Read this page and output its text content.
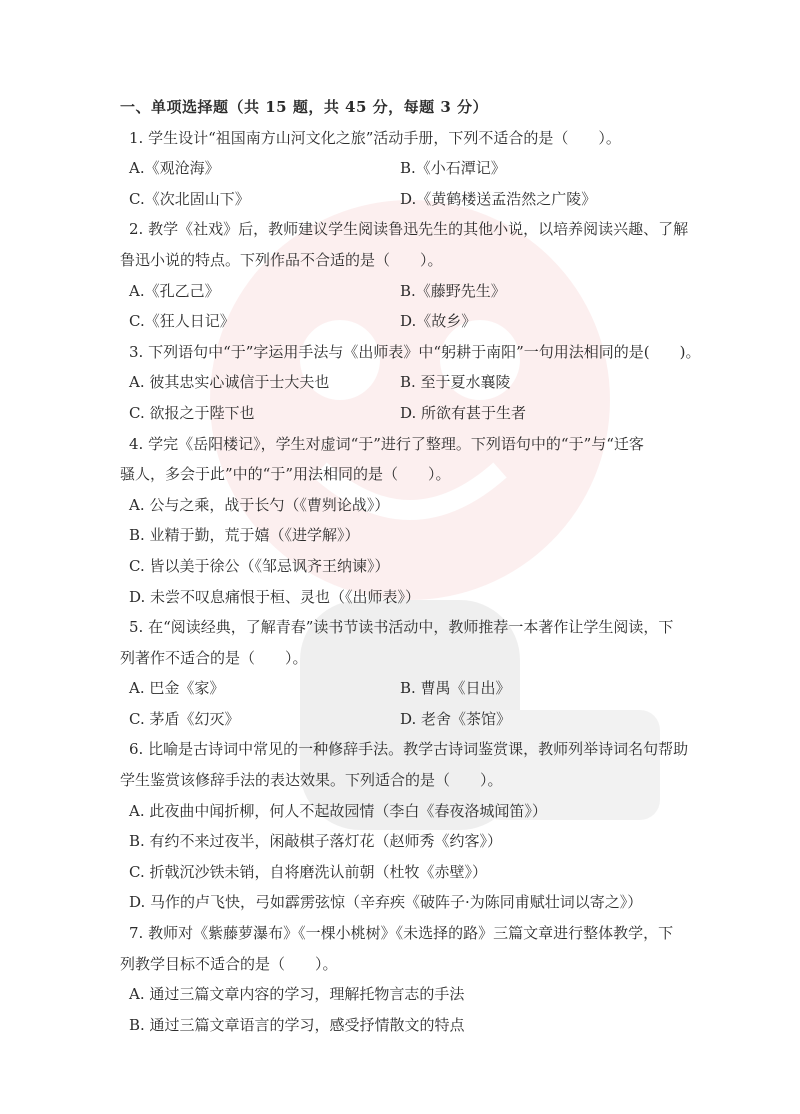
一、单项选择题（共 15 题，共 45 分，每题 3 分）
1. 学生设计“祖国南方山河文化之旅”活动手册，下列不适合的是（　　）。
A.《观沧海》	B.《小石潭记》
C.《次北固山下》	D.《黄鹤楼送孟浩然之广陵》
2. 教学《社戏》后，教师建议学生阅读鲁迅先生的其他小说，以培养阅读兴趣、了解
鲁迅小说的特点。下列作品不合适的是（　　）。
A.《孔乙己》	B.《藤野先生》
C.《狂人日记》	D.《故乡》
3. 下列语句中“于”字运用手法与《出师表》中“躬耕于南阳”一句用法相同的是(　　)。
A. 彼其忠实心诚信于士大夫也	B. 至于夏水襄陵
C. 欲报之于陛下也	D. 所欲有甚于生者
4. 学完《岳阳楼记》，学生对虚词“于”进行了整理。下列语句中的“于”与“迁客
骚人，多会于此”中的“于”用法相同的是（　　）。
A. 公与之乘，战于长勺（《曹刿论战》）
B. 业精于勤，荒于嬉（《进学解》）
C. 皆以美于徐公（《邹忌讽齐王纳谏》）
D. 未尝不叹息痛恨于桓、灵也（《出师表》）
5. 在“阅读经典，了解青春”读书节读书活动中，教师推荐一本著作让学生阅读，下
列著作不适合的是（　　）。
A. 巴金《家》	B. 曹禺《日出》
C. 茅盾《幻灭》	D. 老舍《茶馆》
6. 比喻是古诗词中常见的一种修辞手法。教学古诗词鉴赏课，教师列举诗词名句帮助
学生鉴赏该修辞手法的表达效果。下列适合的是（　　）。
A. 此夜曲中闻折柳，何人不起故园情（李白《春夜洛城闻笛》）
B. 有约不来过夜半，闲敲棋子落灯花（赵师秀《约客》）
C. 折戟沉沙铁未销，自将磨洗认前朝（杜牧《赤壁》）
D. 马作的卢飞快，弓如霹雳弦惊（辛弃疾《破阵子·为陈同甫赋壮词以寄之》）
7. 教师对《紫藤萝瀑布》《一棵小桃树》《未选择的路》三篇文章进行整体教学，下
列教学目标不适合的是（　　）。
A. 通过三篇文章内容的学习，理解托物言志的手法
B. 通过三篇文章语言的学习，感受抒情散文的特点
